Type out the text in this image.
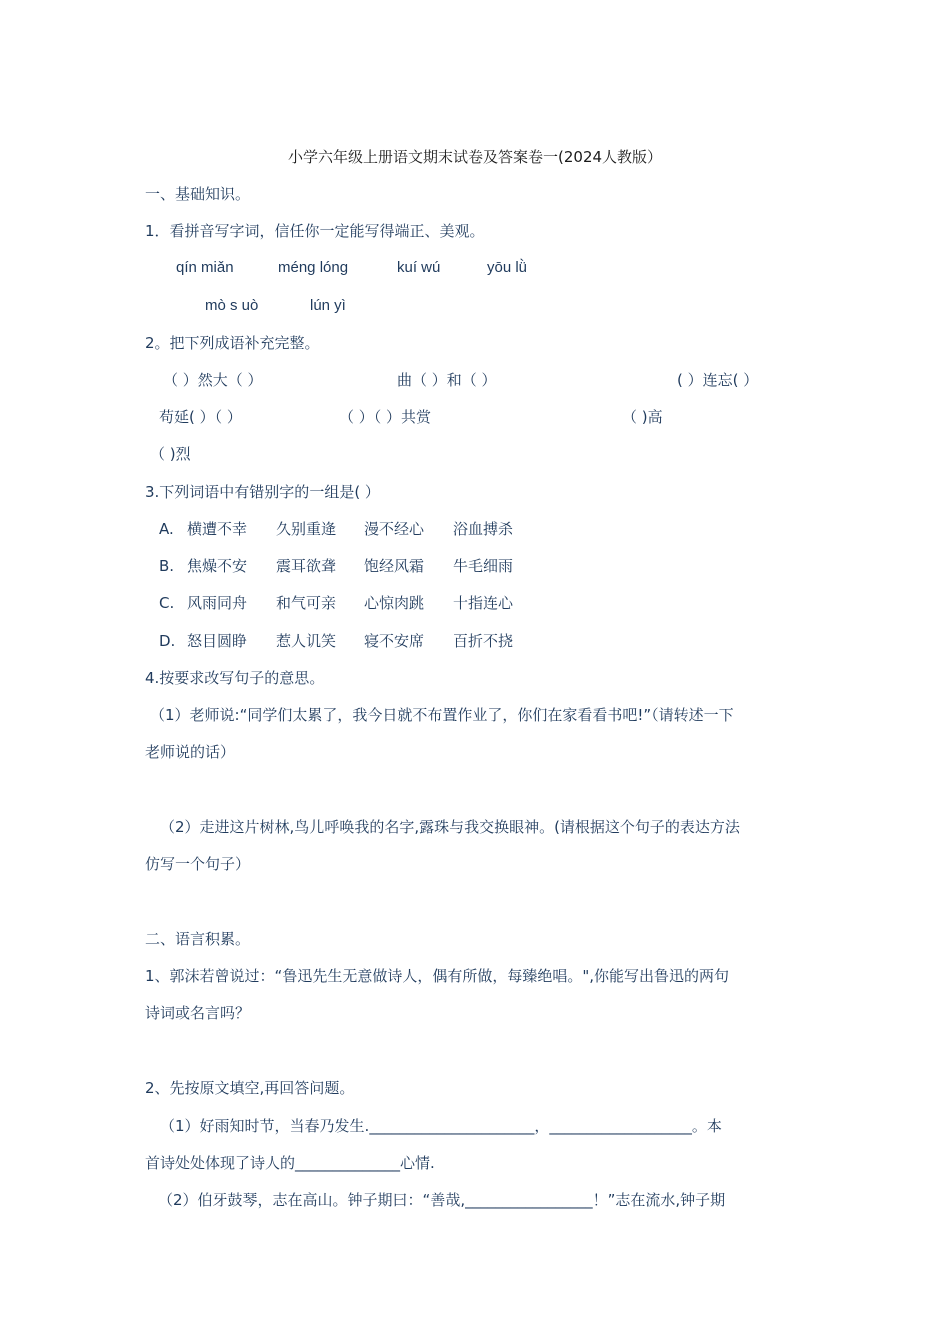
小学六年级上册语文期末试卷及答案卷一(2024人教版）
一、基础知识。
1．看拼音写字词，信任你一定能写得端正、美观。
qín miǎn	méng lóng	kuí wú	yōu lǜ
mò s uò	lún yì
2。把下列成语补充完整。
（ ）然大（ ）	曲（ ）和（ ）	( ）连忘( ）
苟延( ）（ ）	（ ）（ ）共赏	（ )高
（ )烈
3.下列词语中有错别字的一组是( ）
A. 横遭不幸 久别重逄 漫不经心 浴血搏杀
B. 焦燥不安 震耳欲聋 饱经风霜 牛毛细雨
C. 风雨同舟 和气可亲 心惊肉跳 十指连心
D. 怒目圆睁 惹人讥笑 寝不安席 百折不挠
4.按要求改写句子的意思。
（1）老师说:“同学们太累了，我今日就不布置作业了，你们在家看看书吧!”（请转述一下
老师说的话）
（2）走进这片树林,鸟儿呼唤我的名字,露珠与我交换眼神。(请根据这个句子的表达方法
仿写一个句子）
二、语言积累。
1、郭沫若曾说过：“鲁迅先生无意做诗人，偶有所做，每臻绝唱。",你能写出鲁迅的两句
诗词或名言吗？
2、先按原文填空,再回答问题。
（1）好雨知时节，当春乃发生.______________________，___________________。本
首诗处处体现了诗人的______________心情.
（2）伯牙鼓琴，志在高山。钟子期曰：“善哉,_________________！”志在流水,钟子期
